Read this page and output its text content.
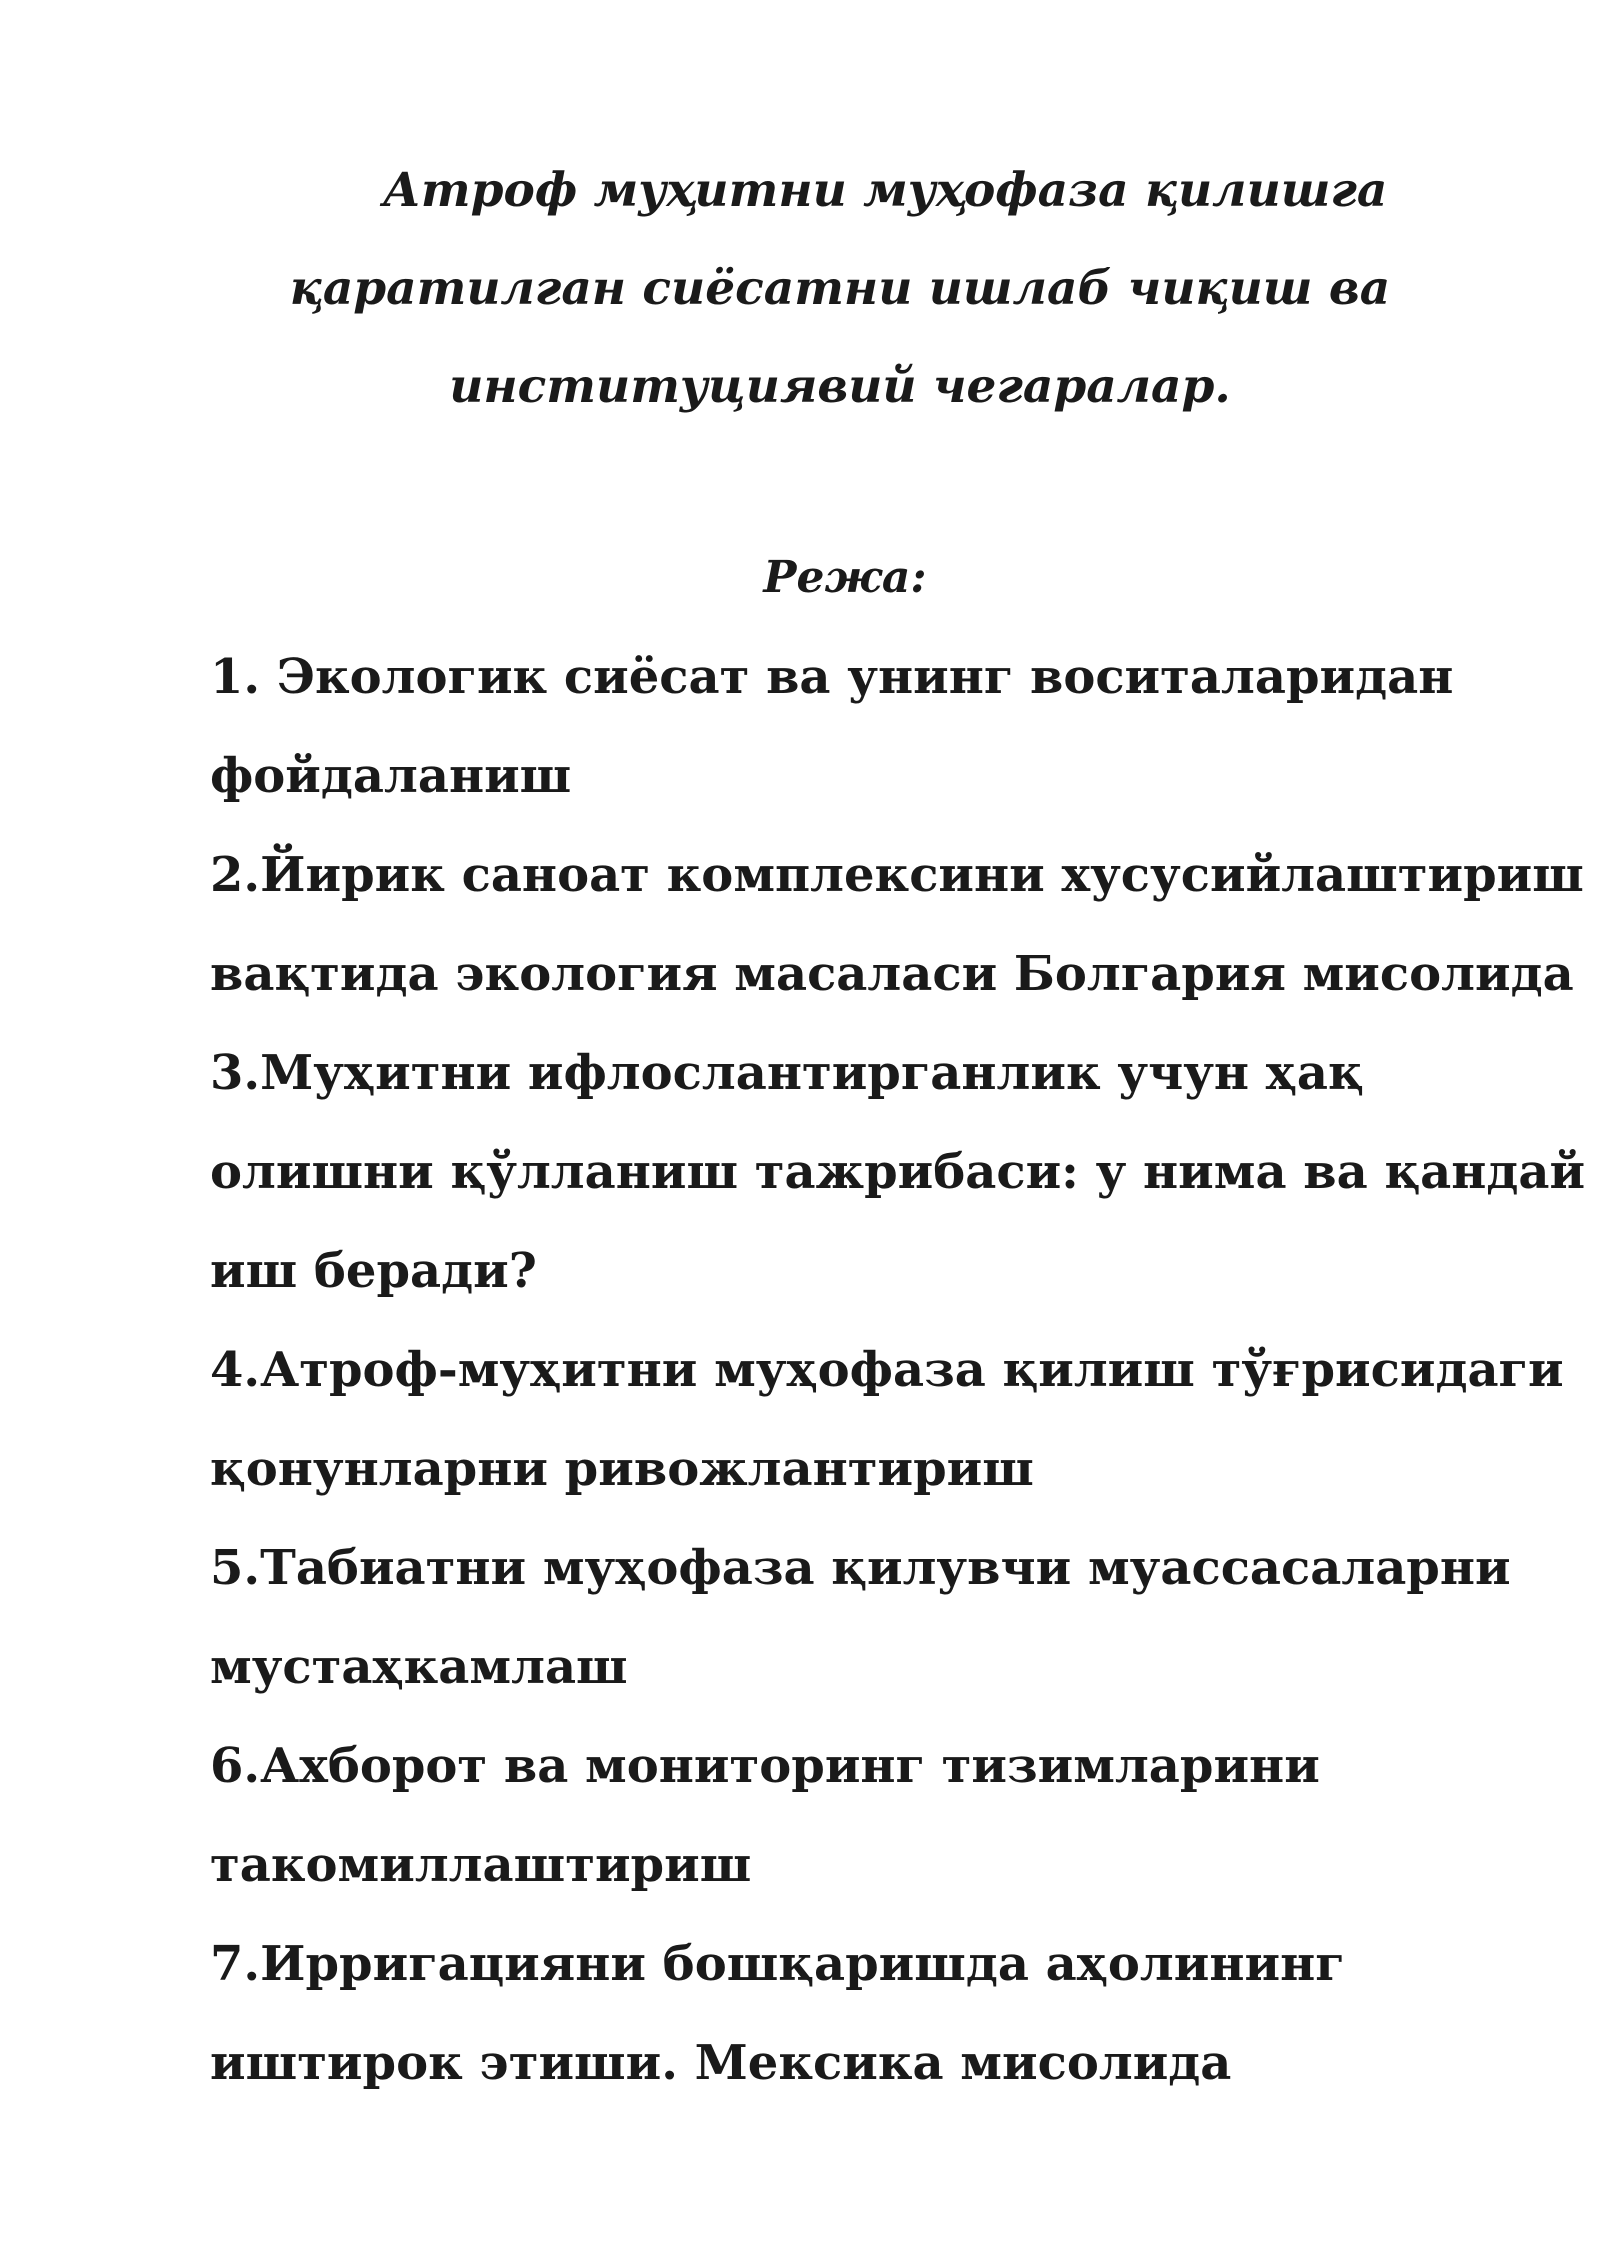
Атроф муҳитни муҳофаза қилишга
қаратилган сиёсатни ишлаб чиқиш ва
институциявий чегаралар.
Режа:
1. Экологик сиёсат ва унинг воситаларидан
фойдаланиш
2.Йирик саноат комплексини хусусийлаштириш
вақтида экология масаласи Болгария мисолида
3.Муҳитни ифлослантирганлик учун ҳақ
олишни қўлланиш тажрибаси: у нима ва қандай
иш беради?
4.Атроф-муҳитни муҳофаза қилиш тўғрисидаги
қонунларни ривожлантириш
5.Табиатни муҳофаза қилувчи муассасаларни
мустаҳкамлаш
6.Ахборот ва мониторинг тизимларини
такомиллаштириш
7.Ирригацияни бошқаришда аҳолининг
иштирок этиши. Мексика мисолида
